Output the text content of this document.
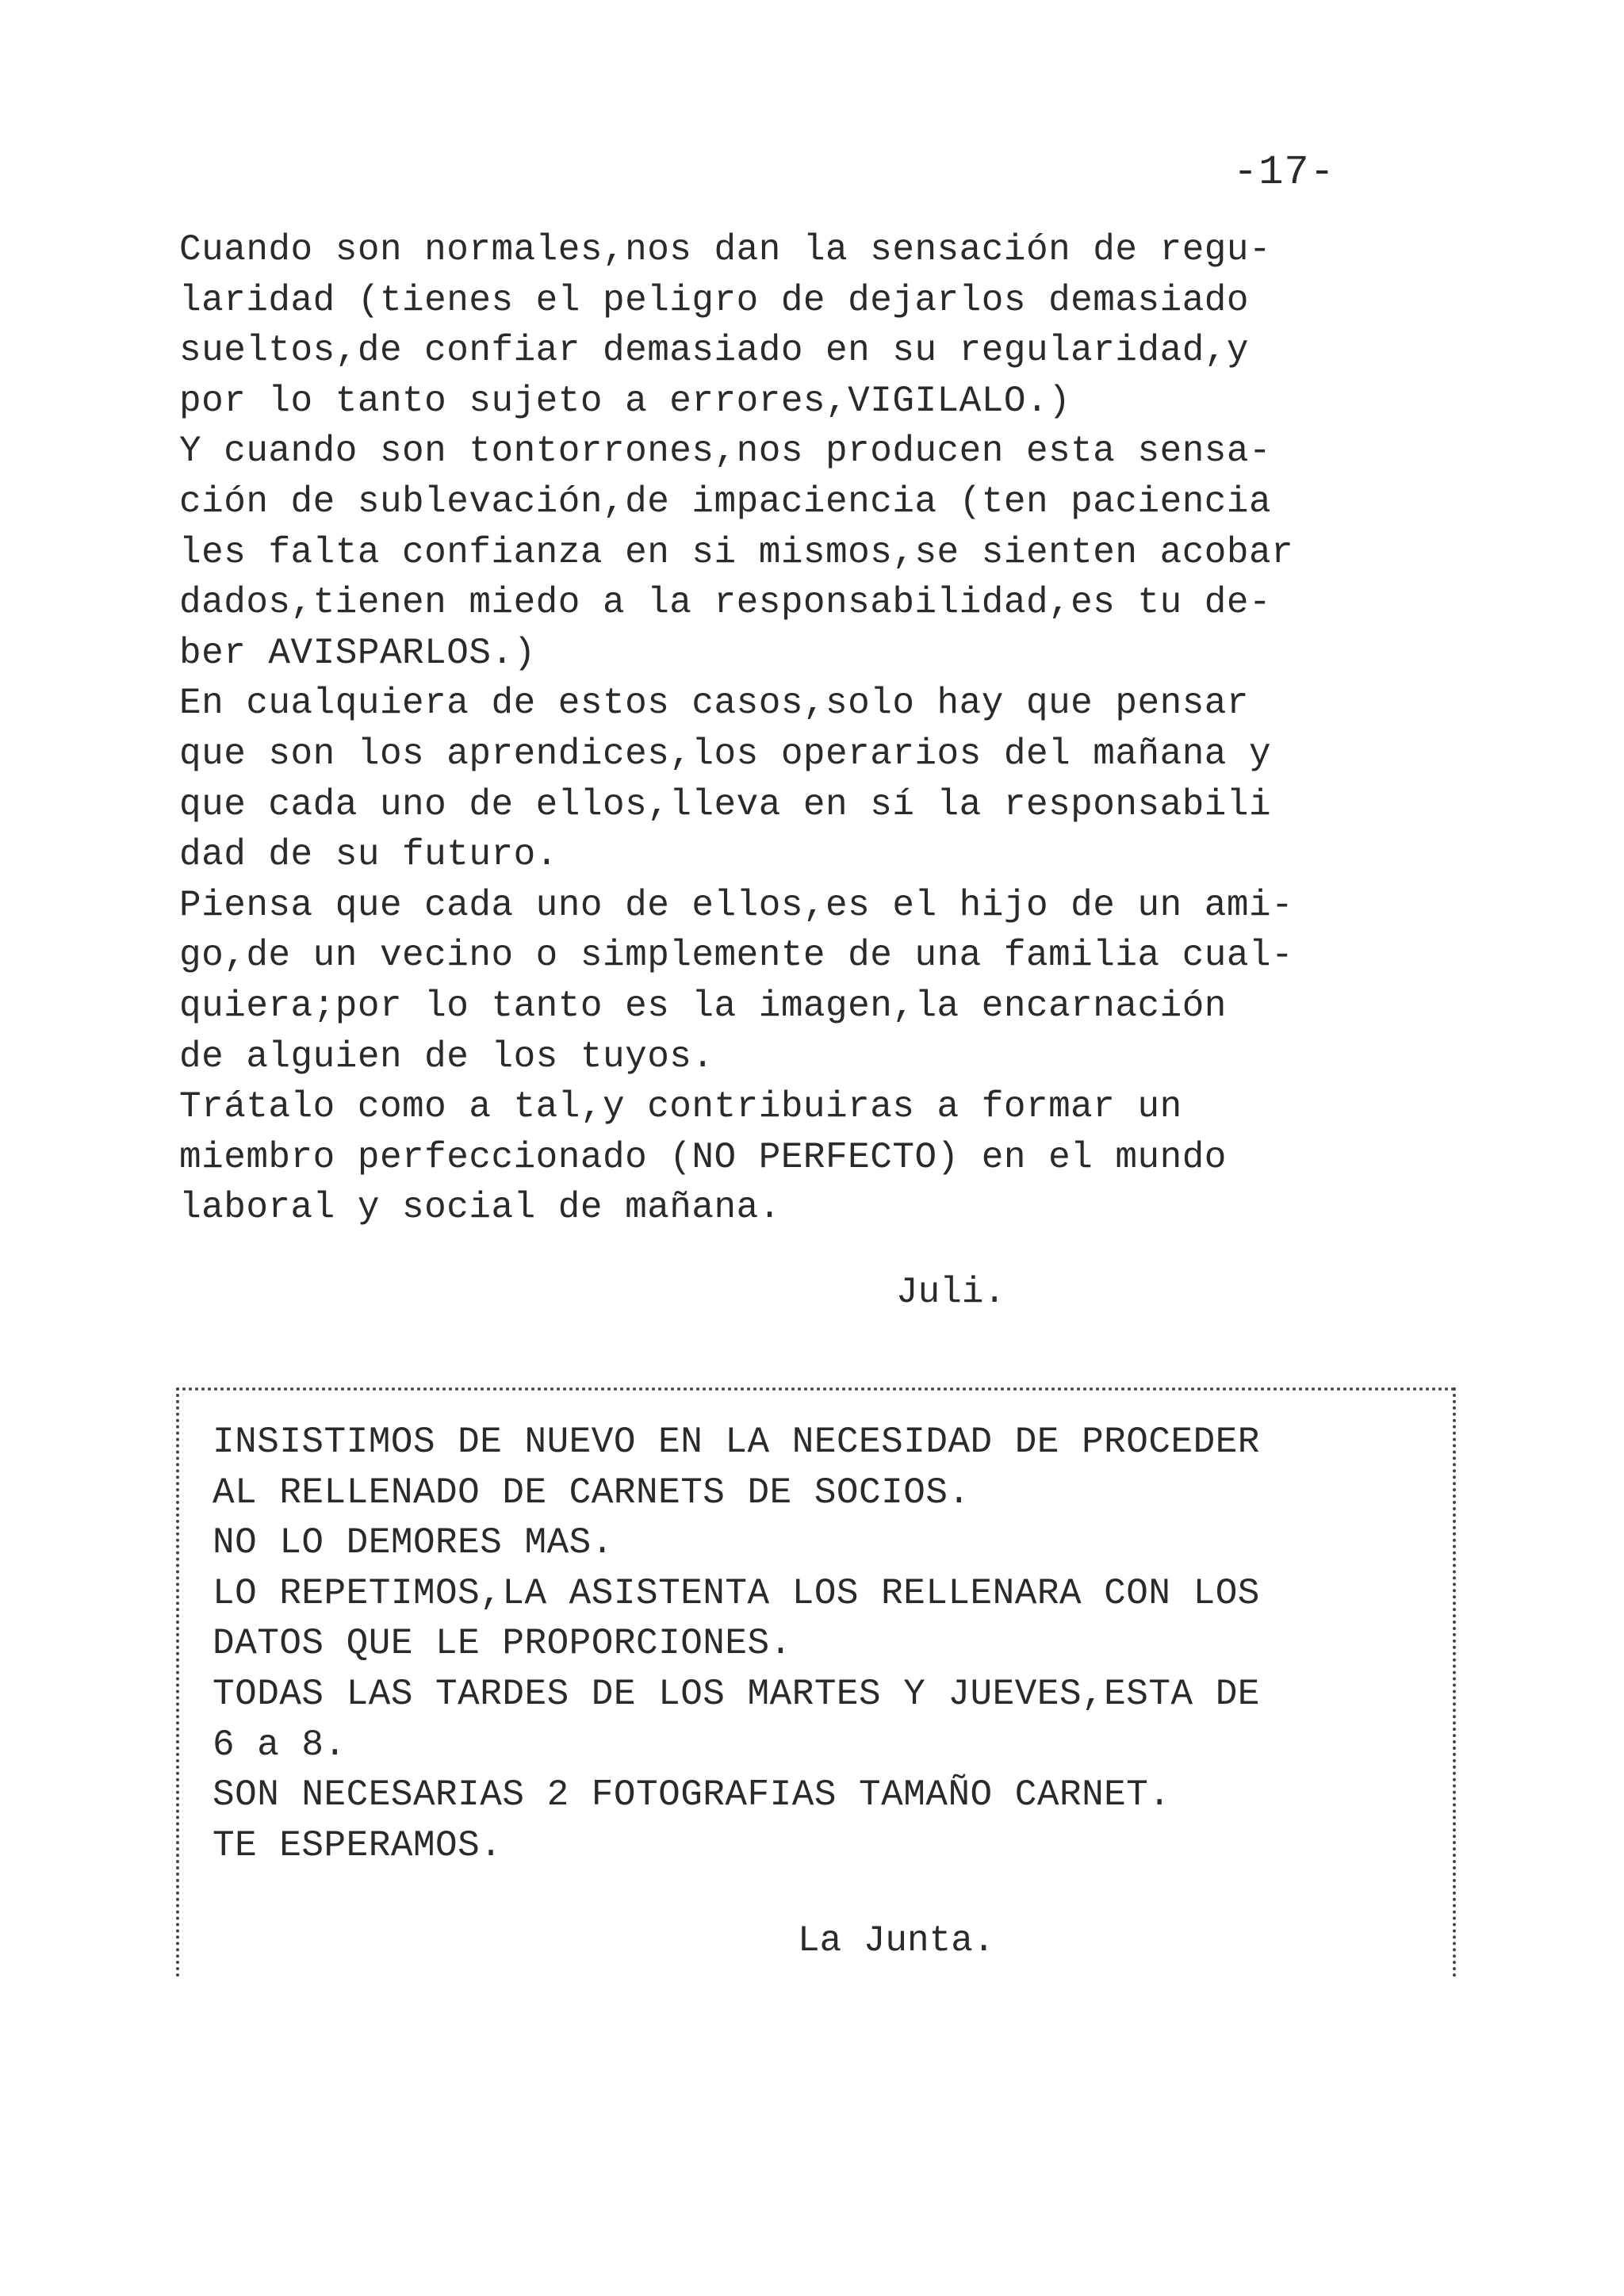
-17-
Cuando son normales,nos dan la sensación de regu-
laridad (tienes el peligro de dejarlos demasiado
sueltos,de confiar demasiado en su regularidad,y
por lo tanto sujeto a errores,VIGILALO.)
Y cuando son tontorrones,nos producen esta sensa-
ción de sublevación,de impaciencia (ten paciencia
les falta confianza en si mismos,se sienten acobar
dados,tienen miedo a la responsabilidad,es tu de-
ber AVISPARLOS.)
En cualquiera de estos casos,solo hay que pensar
que son los aprendices,los operarios del mañana y
que cada uno de ellos,lleva en sí la responsabili
dad de su futuro.
Piensa que cada uno de ellos,es el hijo de un ami-
go,de un vecino o simplemente de una familia cual-
quiera;por lo tanto es la imagen,la encarnación
de alguien de los tuyos.
Trátalo como a tal,y contribuiras a formar un
miembro perfeccionado (NO PERFECTO) en el mundo
laboral y social de mañana.
Juli.
INSISTIMOS DE NUEVO EN LA NECESIDAD DE PROCEDER
AL RELLENADO DE CARNETS DE SOCIOS.
NO LO DEMORES MAS.
LO REPETIMOS,LA ASISTENTA LOS RELLENARA CON LOS
DATOS QUE LE PROPORCIONES.
TODAS LAS TARDES DE LOS MARTES Y JUEVES,ESTA DE
6 a 8.
SON NECESARIAS 2 FOTOGRAFIAS TAMAÑO CARNET.
TE ESPERAMOS.
La Junta.
